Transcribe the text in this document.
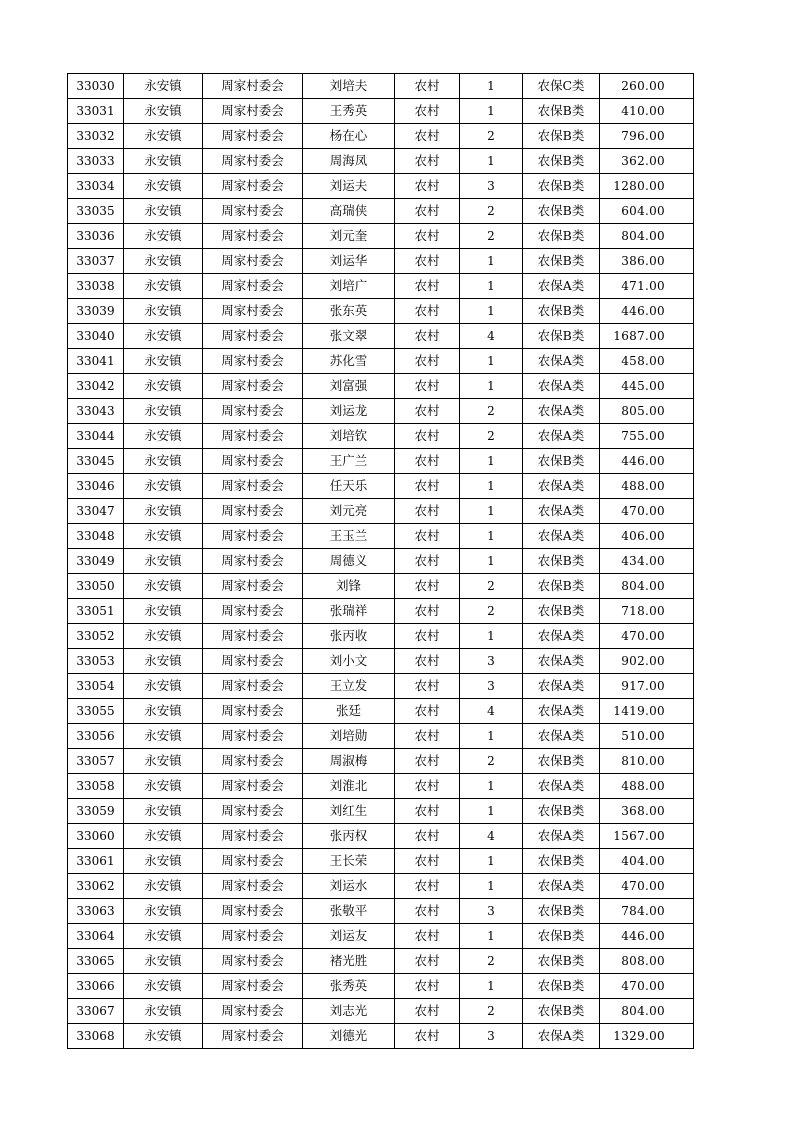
33030	永安镇	周家村委会	刘培夫	农村	1	农保C类	260.00
33031	永安镇	周家村委会	王秀英	农村	1	农保B类	410.00
33032	永安镇	周家村委会	杨在心	农村	2	农保B类	796.00
33033	永安镇	周家村委会	周海凤	农村	1	农保B类	362.00
33034	永安镇	周家村委会	刘运夫	农村	3	农保B类	1280.00
33035	永安镇	周家村委会	高瑞侠	农村	2	农保B类	604.00
33036	永安镇	周家村委会	刘元奎	农村	2	农保B类	804.00
33037	永安镇	周家村委会	刘运华	农村	1	农保B类	386.00
33038	永安镇	周家村委会	刘培广	农村	1	农保A类	471.00
33039	永安镇	周家村委会	张东英	农村	1	农保B类	446.00
33040	永安镇	周家村委会	张文翠	农村	4	农保B类	1687.00
33041	永安镇	周家村委会	苏化雪	农村	1	农保A类	458.00
33042	永安镇	周家村委会	刘富强	农村	1	农保A类	445.00
33043	永安镇	周家村委会	刘运龙	农村	2	农保A类	805.00
33044	永安镇	周家村委会	刘培钦	农村	2	农保A类	755.00
33045	永安镇	周家村委会	王广兰	农村	1	农保B类	446.00
33046	永安镇	周家村委会	任天乐	农村	1	农保A类	488.00
33047	永安镇	周家村委会	刘元亮	农村	1	农保A类	470.00
33048	永安镇	周家村委会	王玉兰	农村	1	农保A类	406.00
33049	永安镇	周家村委会	周德义	农村	1	农保B类	434.00
33050	永安镇	周家村委会	刘锋	农村	2	农保B类	804.00
33051	永安镇	周家村委会	张瑞祥	农村	2	农保B类	718.00
33052	永安镇	周家村委会	张丙收	农村	1	农保A类	470.00
33053	永安镇	周家村委会	刘小文	农村	3	农保A类	902.00
33054	永安镇	周家村委会	王立发	农村	3	农保A类	917.00
33055	永安镇	周家村委会	张廷	农村	4	农保A类	1419.00
33056	永安镇	周家村委会	刘培勋	农村	1	农保A类	510.00
33057	永安镇	周家村委会	周淑梅	农村	2	农保B类	810.00
33058	永安镇	周家村委会	刘淮北	农村	1	农保A类	488.00
33059	永安镇	周家村委会	刘红生	农村	1	农保B类	368.00
33060	永安镇	周家村委会	张丙权	农村	4	农保A类	1567.00
33061	永安镇	周家村委会	王长荣	农村	1	农保B类	404.00
33062	永安镇	周家村委会	刘运水	农村	1	农保A类	470.00
33063	永安镇	周家村委会	张敬平	农村	3	农保B类	784.00
33064	永安镇	周家村委会	刘运友	农村	1	农保B类	446.00
33065	永安镇	周家村委会	褚光胜	农村	2	农保B类	808.00
33066	永安镇	周家村委会	张秀英	农村	1	农保B类	470.00
33067	永安镇	周家村委会	刘志光	农村	2	农保B类	804.00
33068	永安镇	周家村委会	刘德光	农村	3	农保A类	1329.00
